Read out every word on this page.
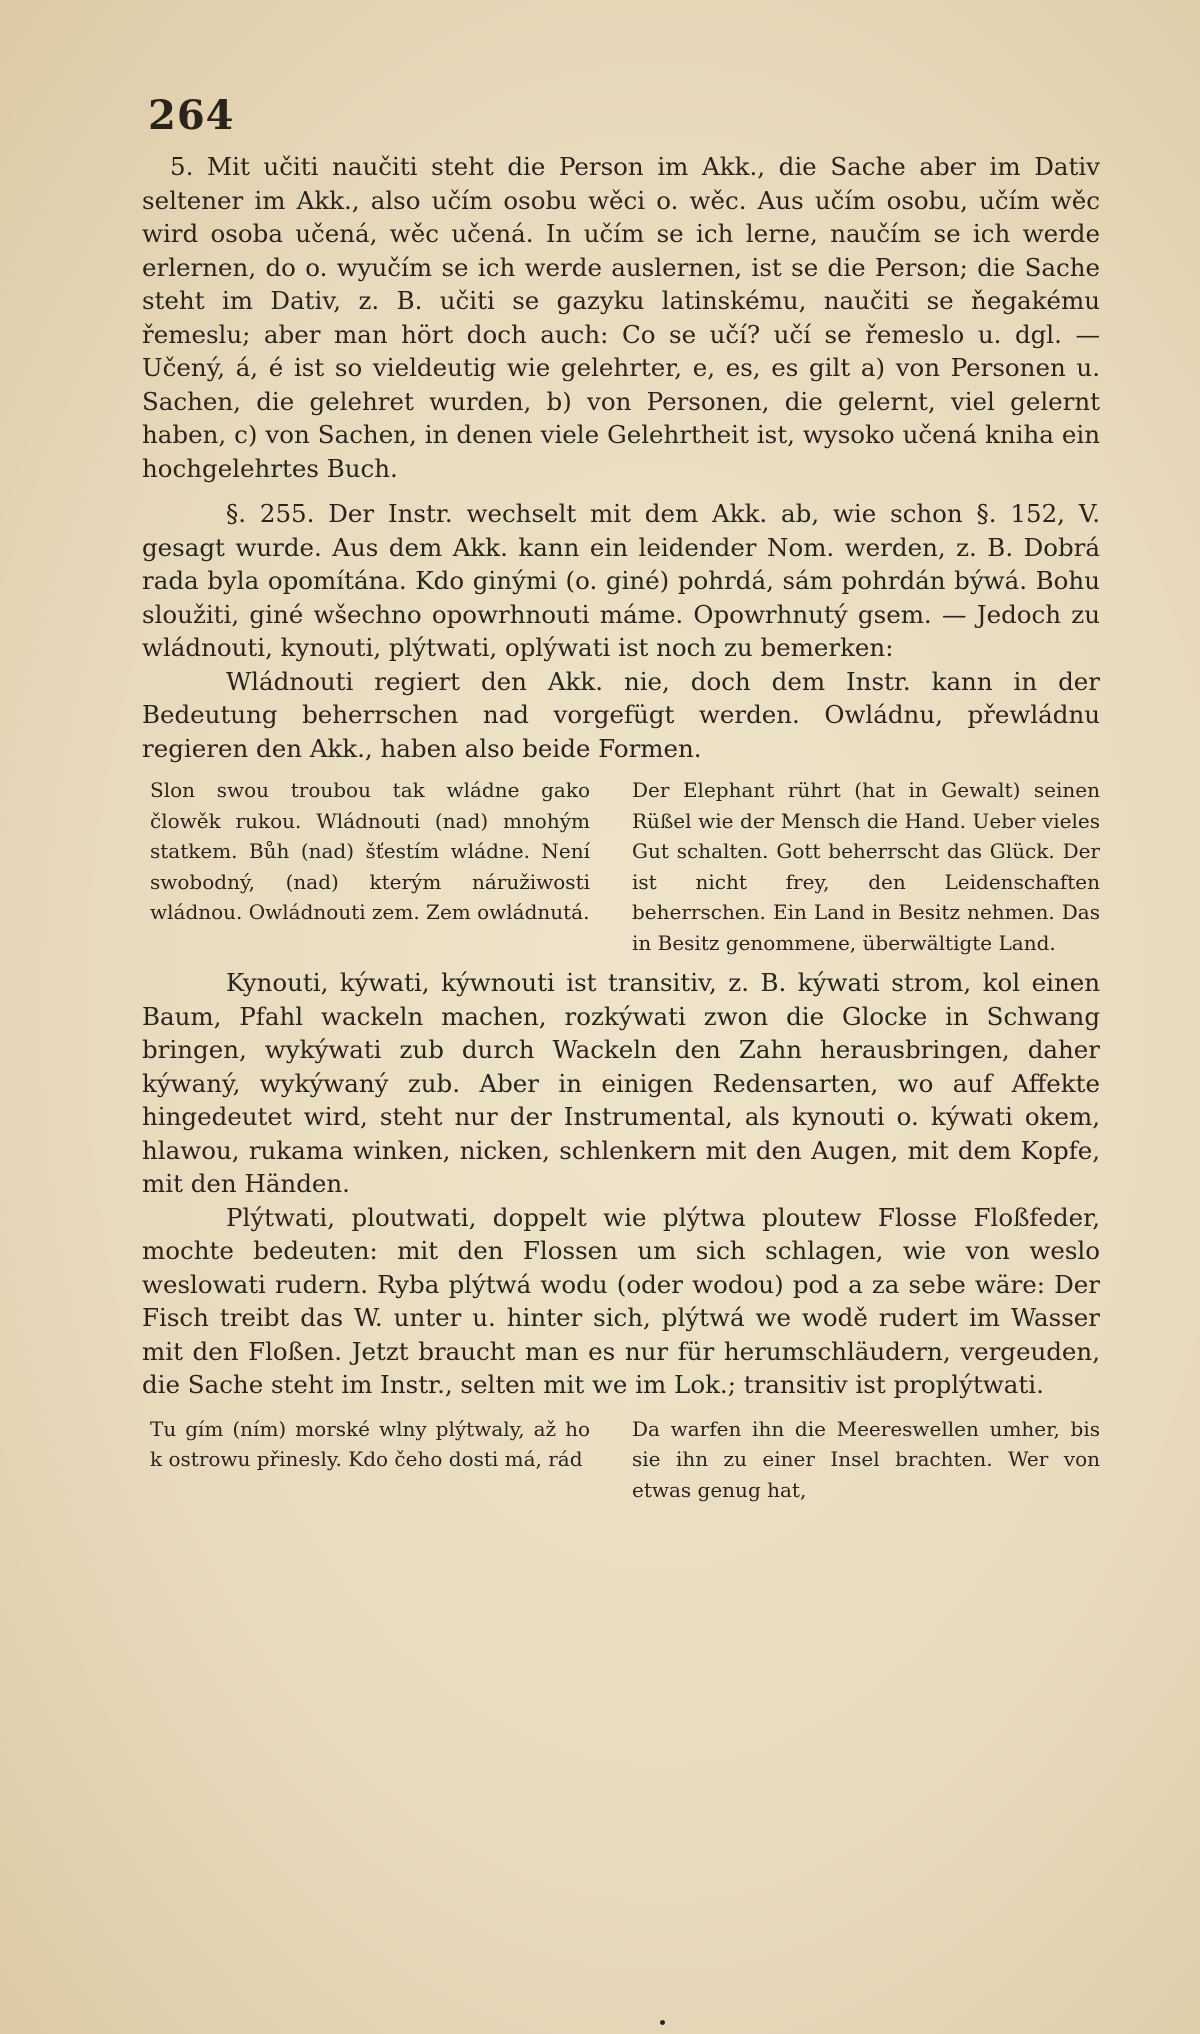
264

5. Mit učiti naučiti steht die Person im Akk., die Sache aber im Dativ seltener im Akk., also učím osobu wěci o. wěc. Aus učím osobu, učím wěc wird osoba učená, wěc učená. In učím se ich lerne, naučím se ich werde erlernen, do o. wyučím se ich werde auslernen, ist se die Person; die Sache steht im Dativ, z. B. učiti se gazyku latinskému, naučiti se ňegakému řemeslu; aber man hört doch auch: Co se učí? učí se řemeslo u. dgl. — Učený, á, é ist so vieldeutig wie gelehrter, e, es, es gilt a) von Personen u. Sachen, die gelehret wurden, b) von Personen, die gelernt, viel gelernt haben, c) von Sachen, in denen viele Gelehrtheit ist, wysoko učená kniha ein hochgelehrtes Buch.

§. 255. Der Instr. wechselt mit dem Akk. ab, wie schon §. 152, V. gesagt wurde. Aus dem Akk. kann ein leidender Nom. werden, z. B. Dobrá rada byla opomítána. Kdo ginými (o. giné) pohrdá, sám pohrdán býwá. Bohu sloužiti, giné wšechno opowrhnouti máme. Opowrhnutý gsem. — Jedoch zu wládnouti, kynouti, plýtwati, oplýwati ist noch zu bemerken:

Wládnouti regiert den Akk. nie, doch dem Instr. kann in der Bedeutung beherrschen nad vorgefügt werden. Owládnu, přewládnu regieren den Akk., haben also beide Formen.

Slon swou troubou tak wládne gako člowěk rukou. Wládnouti (nad) mnohým statkem. Bůh (nad) šťestím wládne. Není swobodný, (nad) kterým náružiwosti wládnou. Owládnouti zem. Zem owládnutá.
Der Elephant rührt (hat in Gewalt) seinen Rüßel wie der Mensch die Hand. Ueber vieles Gut schalten. Gott beherrscht das Glück. Der ist nicht frey, den Leidenschaften beherrschen. Ein Land in Besitz nehmen. Das in Besitz genommene, überwältigte Land.

Kynouti, kýwati, kýwnouti ist transitiv, z. B. kýwati strom, kol einen Baum, Pfahl wackeln machen, rozkýwati zwon die Glocke in Schwang bringen, wykýwati zub durch Wackeln den Zahn herausbringen, daher kýwaný, wykýwaný zub. Aber in einigen Redensarten, wo auf Affekte hingedeutet wird, steht nur der Instrumental, als kynouti o. kýwati okem, hlawou, rukama winken, nicken, schlenkern mit den Augen, mit dem Kopfe, mit den Händen.

Plýtwati, ploutwati, doppelt wie plýtwa ploutew Flosse Floßfeder, mochte bedeuten: mit den Flossen um sich schlagen, wie von weslo weslowati rudern. Ryba plýtwá wodu (oder wodou) pod a za sebe wäre: Der Fisch treibt das W. unter u. hinter sich, plýtwá we wodě rudert im Wasser mit den Floßen. Jetzt braucht man es nur für herumschläudern, vergeuden, die Sache steht im Instr., selten mit we im Lok.; transitiv ist proplýtwati.

Tu gím (ním) morské wlny plýtwaly, až ho k ostrowu přinesly. Kdo čeho dosti má, rád
Da warfen ihn die Meereswellen umher, bis sie ihn zu einer Insel brachten. Wer von etwas genug hat,
